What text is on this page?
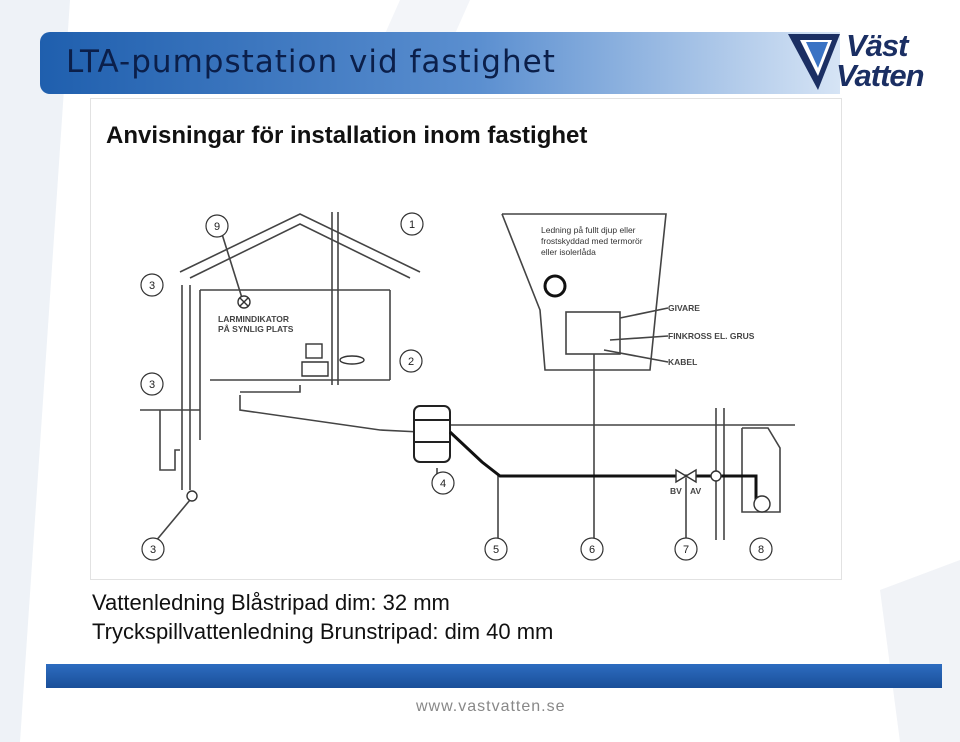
LTA-pumpstation vid fastighet	Väst
Vatten
Anvisningar för installation inom fastighet
LARMINDIKATOR
PÅ SYNLIG PLATS
GIVARE
FINKROSS EL. GRUS
KABEL
BV AV
Ledning på fullt djup eller
frostskyddad med termorör
eller isolerlåda
9	1
3
3
2
4
3	5	6	7	8
Vattenledning Blåstripad dim: 32 mm
Tryckspillvattenledning Brunstripad: dim 40 mm
www.vastvatten.se
